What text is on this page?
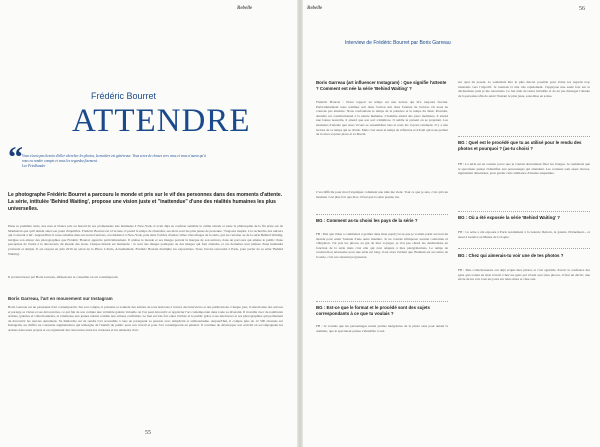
Rebelle
Frédéric Bourret
ATTENDRE
“ Vous n'avez pas besoin d'aller chercher les photos, la matière est généreuse. Vous serez de choses vers vous et vous n'aurez qu'à vous en rendre compte et vous les regardez fixement.
Lee Friedlander
Le photographe Frédéric Bourret a parcouru le monde et pris sur le vif des personnes dans des moments d'attente. La série, intitulée 'Behind Waiting', propose une vision juste et "inattendue" d'une des réalités humaines les plus universelles.

Dans sa première série, des rues et blancs pris au hasard de ses promenades très matinales à New-York, il avait déjà su conférer sensible le calme absolu et toute la philosophie de la fin prise sur de Manhattan que qu'il aimait ainsi son point d'équilibre. Frédéric Bourret est à l'écoute, il prend le temps de s'installer, ses mots sont les plus justes de personne. 'Toujours inspiré, à la recherche des univers qui s'ouvrent à lui'. Aujourd'hui, il nous entraîne dans un nouvel univers, en résidence à New-York, puis dans l'ombre d'autres villes. Des images de la série, qui est certaine ou de la série Behind Waiting, intrigue son amour des photographies que Frédéric Bourret apprécie particulièrement. Il réalise le monde et ses images portent la marque de son univers, dans un parcours qui amène le public d'une perception de l'autre à la découverte du monde des Gens. Chaque instant est inattendu : ce sont des images poétiques ou des images qui font attendre, et ces dernières sont pleines d'une humanité profonde et simple. Il est exposé en juin 2019 au salon de la Photo à Paris. Actuellement, Frédéric Bourret multiplie les expositions. Nous l'avons rencontré à Paris, pour parler de sa série 'Behind Waiting'.

Il est interviewé par Boris Garreau, influenceur et conseiller en art contemporain.

Boris Garreau, l'art en mouvement sur Instagram

Boris Garreau est un passionné d'art contemporain. Sur son compte, il présente et soutient des artistes de tous horizons à travers des interviews et des publications. Chaque jour, il sélectionne des œuvres et partage sa vision et ses découvertes, ce qui fait de son compte une véritable galerie virtuelle où l'on peut découvrir et apprécier l'art contemporain dans toute sa diversité. Il travaille avec de nombreux artistes, galeries et collectionneurs, et s'intéresse aux jeunes talents comme aux artistes confirmés. Le lien est très fort entre l'artiste et le public grâce à ses interviews et ses photographies qui permettent de découvrir les œuvres autrement. Sa démarche est de rendre l'art accessible à tous en partageant sa passion avec simplicité et enthousiasme. Aujourd'hui, il compte plus de 12 500 abonnés sur Instagram, un chiffre en constante augmentation qui témoigne de l'intérêt du public pour son travail et pour l'art contemporain en général. Il continue de développer son activité en accompagnant les artistes dans leurs projets et en organisant des rencontres entre les créateurs et les amateurs d'art.

55
Rebelle	56
Interview de Frédéric Bourret par Boris Garreau
Boris Garreau (art influencer Instagram) : Que signifie l'attente ? Comment est née la série 'Behind Waiting' ?

Frédéric Bourret : Notre rapport au temps est une notion qui m'a toujours fasciné. Particulièrement nous sommes soit dans l'action soit dans l'attente de l'action. Or nous ne voulons pas attendre. Nous confondons le temps de la patience et le temps du désir. Pourtant, attendre est constitutionnel à la nature humaine. L'homme attend des jours meilleurs, il attend une bonne nouvelle, il attend que son sort s'améliore. Il oublie le présent en se projetant. Les moments d'attente que nous vivons se ressemblent tous et nous les voyons rarement. Il y a une lecture de ce temps qui se révèle. Mais c'est aussi le temps de réflexion et d'éveil qui nous permet de trouver sa juste place et sa liberté.

C'est difficile pour moi d'expliquer comment une idée me vient. Tout ce que je sais, c'est qu'à un moment c'est plus fort que moi, il faut que la série prenne vie.

BG : Comment as-tu choisi les pays de la série ?

FB : Dès que l'idée a commencé à germer dans mon esprit j'ai su que je voulais partir au bout du monde pour saisir l'attente d'une autre manière. Je ne voulais m'imposer aucune contrainte ni obligation. J'ai pris les photos au gré de mes voyages, je n'ai pas choisi les destinations en fonction de la série mais c'est elle qui s'est adaptée à mes pérégrinations. Le temps de construction nécessaire pour une série est long, il est alors évident que l'humain est au centre de la série, c'est un constant progression.

BG : Est-ce que le format et le procédé sont des sujets correspondants à ce que tu voulais ?

FB : Je voulais que les personnages soient parties intégrantes de la photo sans pour autant la dominer, que le spectateur puisse s'identifier à eux.

sur quoi ils posent. Je souhaitais être le plus discret possible pour éviter les regards trop insistants vers l'objectif. Je tournais la tête très rapidement. J'appuyais une seule fois sur le déclencheur puis je me retournais. Le but était de rester invisible et de ne pas déranger l'attente de la personne afin de saisir l'instant le plus juste, sans mise en scène.

BG : Quel est le procédé que tu as utilisé pour le rendu des photos et pourquoi ? (as-tu choisi ?

FB : La série est en couleur parce que je voulais absolument fixer les visages. Je souhaitais que le spectateur puisse s'identifier aux personnages qui attendent. Les couleurs sont assez douces, légèrement désaturées, pour garder cette ambiance d'attente suspendue.

BG : Où a été exposée la série 'Behind Waiting' ?

FB : La série a été exposée à Paris notamment à la Galerie Deborn, la galerie d'Ornemont... et aussi à Genève au Musée de Cologne.

BG : Chez qui aimerais-tu voir une de tes photos ?

FB : Mes collectionneurs ont déjà acquis mes photos et c'est agréable d'avoir la confiance des gens qui croient en mon travail. Chez les gens qui vivent avec mes photos, il faut un déclic, une envie de les voir tous les jours sur leurs murs et chez eux.
